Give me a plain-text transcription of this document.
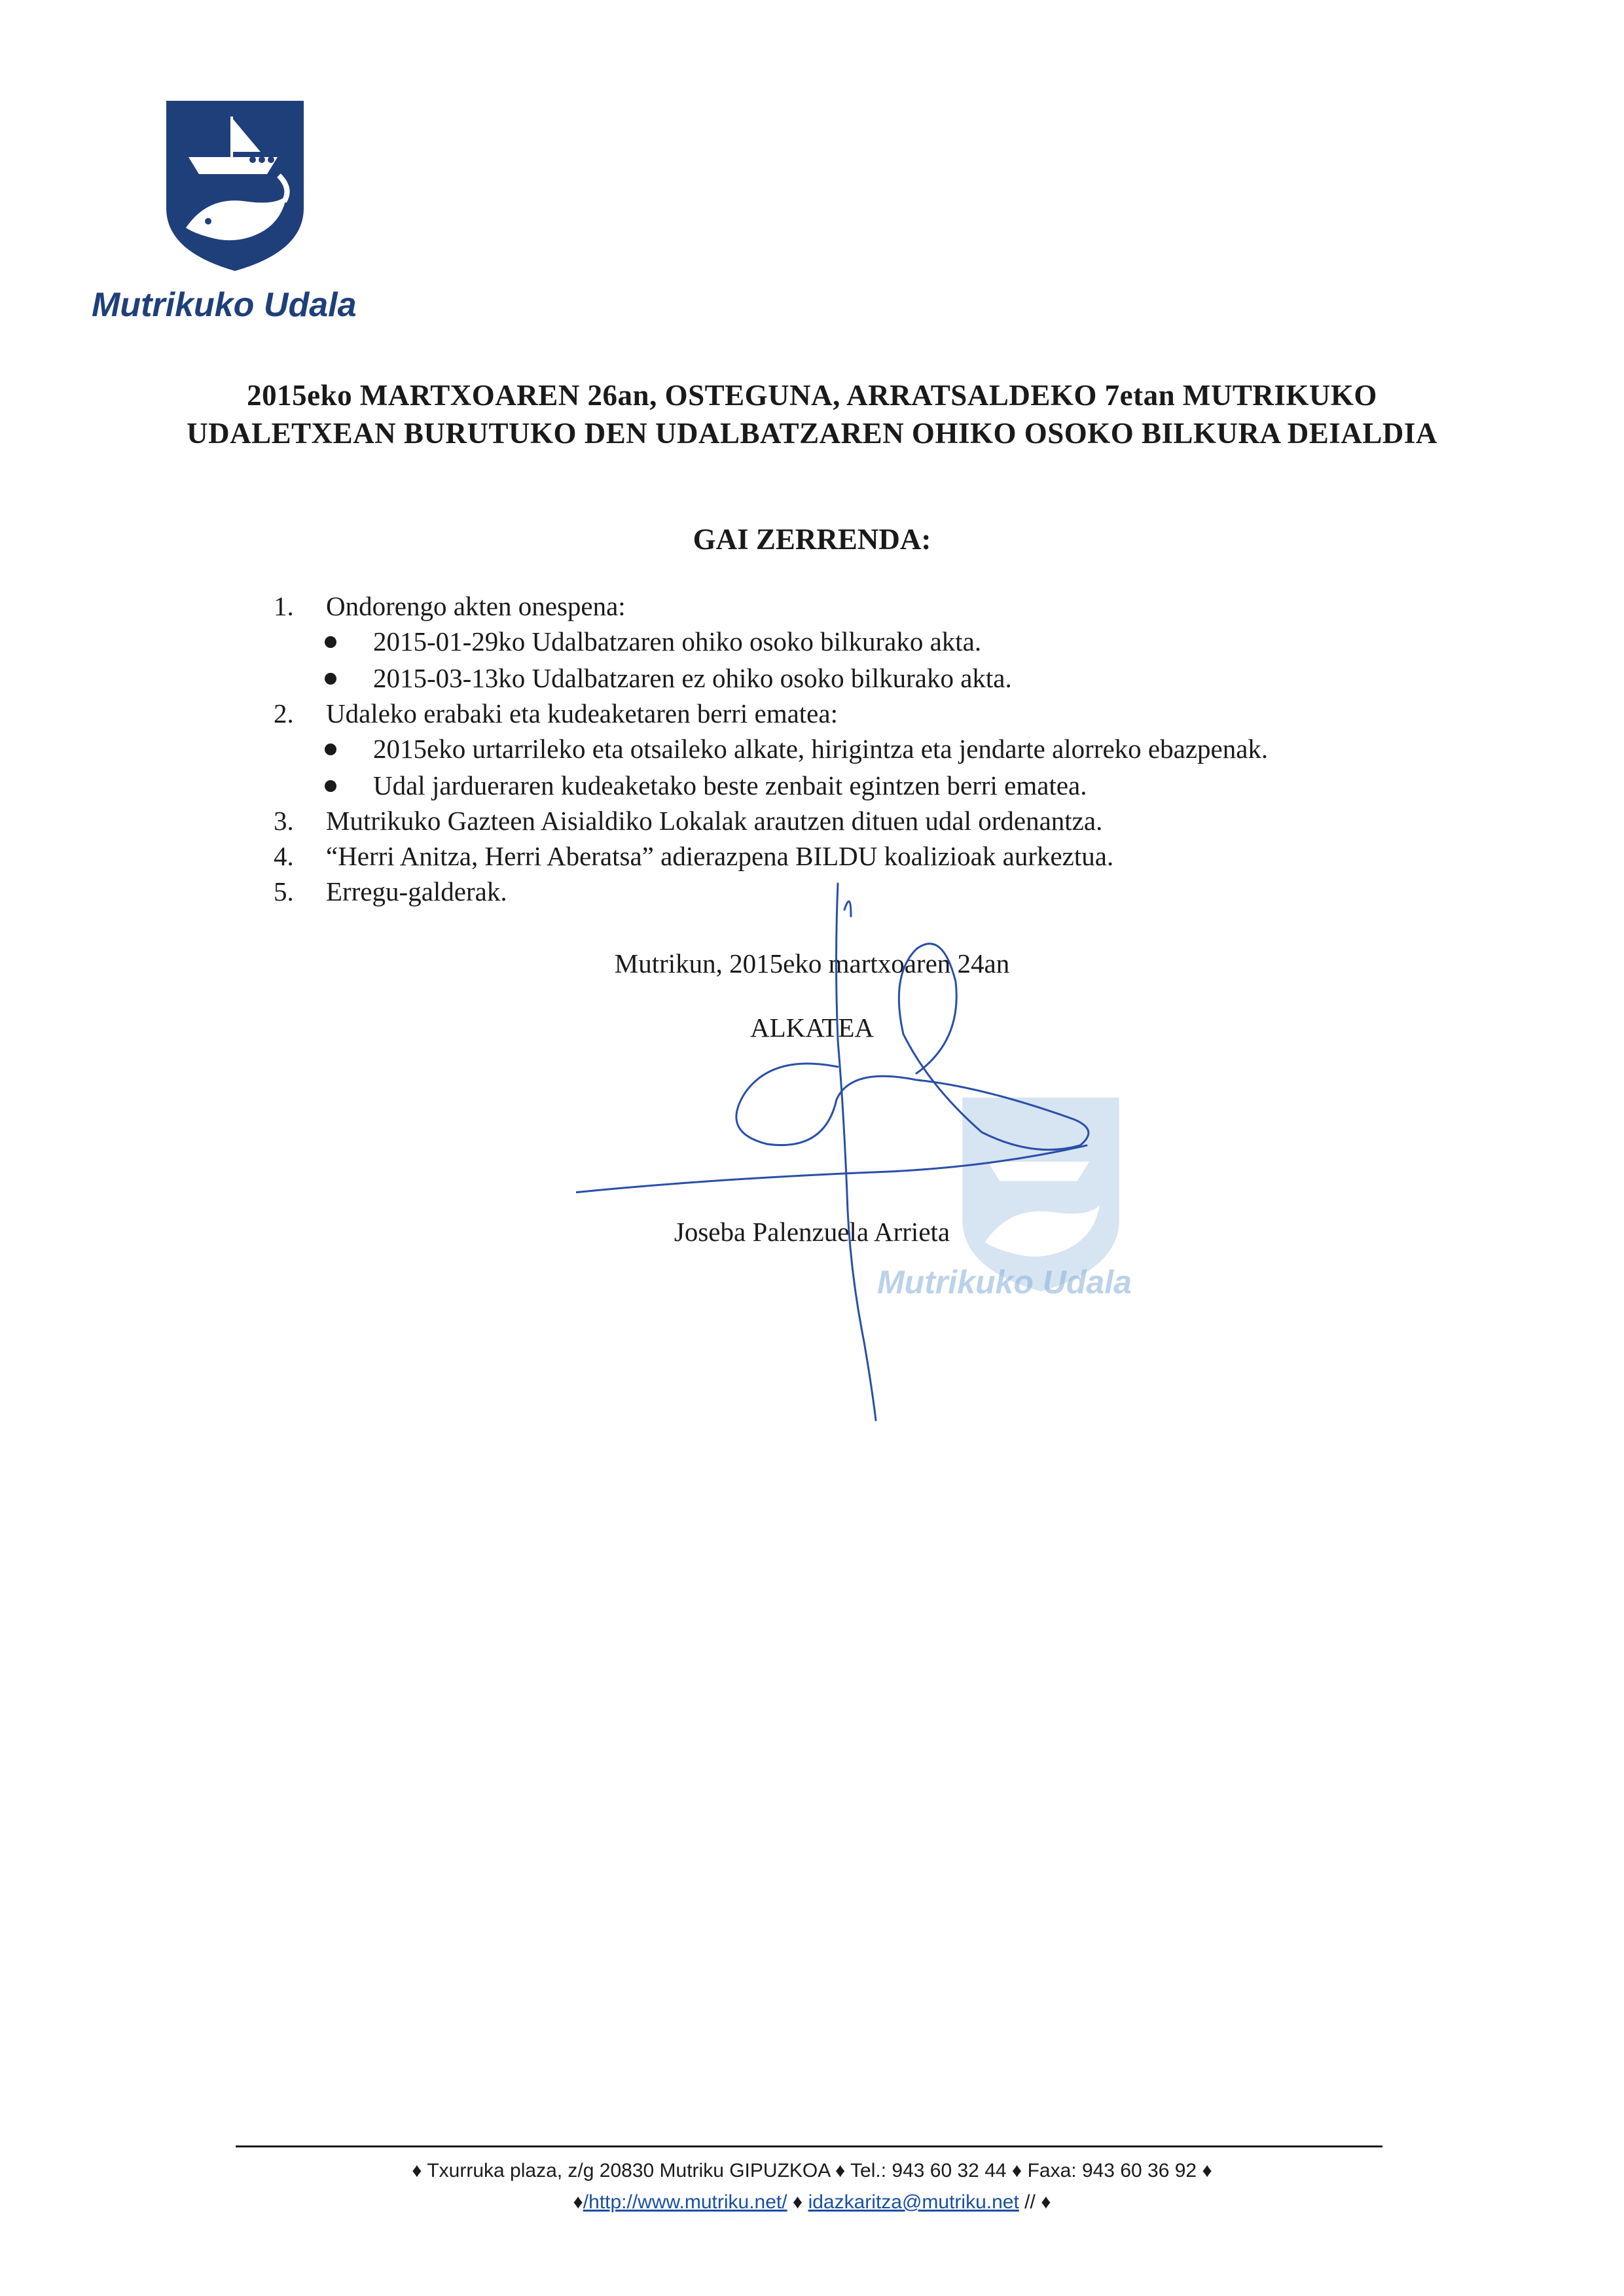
Mutrikuko Udala
2015eko MARTXOAREN 26an, OSTEGUNA, ARRATSALDEKO 7etan MUTRIKUKO
UDALETXEAN BURUTUKO DEN UDALBATZAREN OHIKO OSOKO BILKURA DEIALDIA
GAI ZERRENDA:
1.	Ondorengo akten onespena:
2015-01-29ko Udalbatzaren ohiko osoko bilkurako akta.
2015-03-13ko Udalbatzaren ez ohiko osoko bilkurako akta.
2.	Udaleko erabaki eta kudeaketaren berri ematea:
2015eko urtarrileko eta otsaileko alkate, hirigintza eta jendarte alorreko ebazpenak.
Udal jardueraren kudeaketako beste zenbait egintzen berri ematea.
3.	Mutrikuko Gazteen Aisialdiko Lokalak arautzen dituen udal ordenantza.
4.	“Herri Anitza, Herri Aberatsa” adierazpena BILDU koalizioak aurkeztua.
5.	Erregu-galderak.
Mutrikun, 2015eko martxoaren 24an
ALKATEA
Joseba Palenzuela Arrieta
Mutrikuko Udala
♦ Txurruka plaza, z/g 20830 Mutriku GIPUZKOA ♦ Tel.: 943 60 32 44 ♦ Faxa: 943 60 36 92 ♦
♦/http://www.mutriku.net/ ♦ idazkaritza@mutriku.net // ♦
